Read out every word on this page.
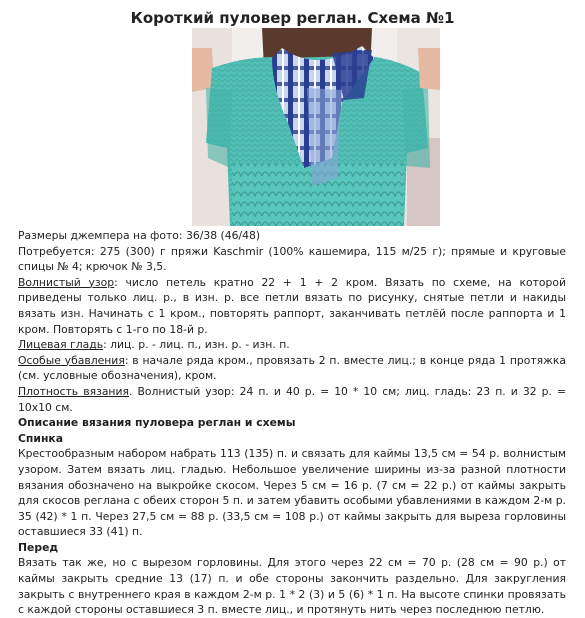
Короткий пуловер реглан. Схема №1

Размеры джемпера на фото: 36/38 (46/48)

Потребуется: 275 (300) г пряжи Kaschmir (100% кашемира, 115 м/25 г); прямые и круговые спицы № 4; крючок № 3,5.

Волнистый узор: число петель кратно 22 + 1 + 2 кром. Вязать по схеме, на которой приведены только лиц. р., в изн. р. все петли вязать по рисунку, снятые петли и накиды вязать изн. Начинать с 1 кром., повторять раппорт, заканчивать петлёй после раппорта и 1 кром. Повторять с 1-го по 18-й р.

Лицевая гладь: лиц. р. - лиц. п., изн. р. - изн. п.

Особые убавления: в начале ряда кром., провязать 2 п. вместе лиц.; в конце ряда 1 протяжка (см. условные обозначения), кром.

Плотность вязания. Волнистый узор: 24 п. и 40 р. = 10 * 10 см; лиц. гладь: 23 п. и 32 р. = 10x10 см.

Описание вязания пуловера реглан и схемы

Спинка

Крестообразным набором набрать 113 (135) п. и связать для каймы 13,5 см = 54 р. волнистым узором. Затем вязать лиц. гладью. Небольшое увеличение ширины из-за разной плотности вязания обозначено на выкройке скосом. Через 5 см = 16 р. (7 см = 22 р.) от каймы закрыть для скосов реглана с обеих сторон 5 п. и затем убавить особыми убавлениями в каждом 2-м р. 35 (42) * 1 п. Через 27,5 см = 88 р. (33,5 см = 108 р.) от каймы закрыть для выреза горловины оставшиеся 33 (41) п.

Перед

Вязать так же, но с вырезом горловины. Для этого через 22 см = 70 р. (28 см = 90 р.) от каймы закрыть средние 13 (17) п. и обе стороны закончить раздельно. Для закругления закрыть с внутреннего края в каждом 2-м р. 1 * 2 (3) и 5 (6) * 1 п. На высоте спинки провязать с каждой стороны оставшиеся 3 п. вместе лиц., и протянуть нить через последнюю петлю.
